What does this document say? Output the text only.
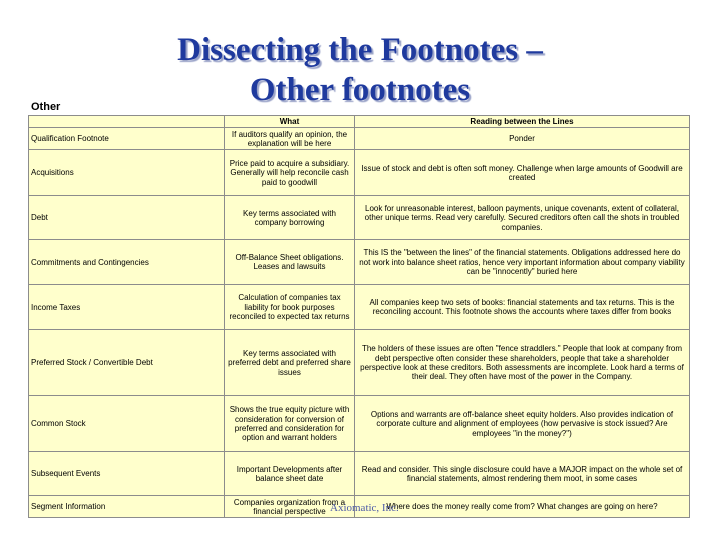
Dissecting the Footnotes –
Other footnotes
Other
	What	Reading between the Lines
Qualification Footnote	If auditors qualify an opinion, the explanation will be here	Ponder
Acquisitions	Price paid to acquire a subsidiary. Generally will help reconcile cash paid to goodwill	Issue of stock and debt is often soft money. Challenge when large amounts of Goodwill are created
Debt	Key terms associated with company borrowing	Look for unreasonable interest, balloon payments, unique covenants, extent of collateral, other unique terms. Read very carefully. Secured creditors often call the shots in troubled companies.
Commitments and Contingencies	Off-Balance Sheet obligations. Leases and lawsuits	This IS the "between the lines" of the financial statements. Obligations addressed here do not work into balance sheet ratios, hence very important information about company viability can be "innocently" buried here
Income Taxes	Calculation of companies tax liability for book purposes reconciled to expected tax returns	All companies keep two sets of books: financial statements and tax returns. This is the reconciling account. This footnote shows the accounts where taxes differ from books
Preferred Stock / Convertible Debt	Key terms associated with preferred debt and preferred share issues	The holders of these issues are often "fence straddlers." People that look at company from debt perspective often consider these shareholders, people that take a shareholder perspective look at these creditors. Both assessments are incomplete. Look hard a terms of their deal. They often have most of the power in the Company.
Common Stock	Shows the true equity picture with consideration for conversion of preferred and consideration for option and warrant holders	Options and warrants are off-balance sheet equity holders. Also provides indication of corporate culture and alignment of employees (how pervasive is stock issued? Are employees "in the money?")
Subsequent Events	Important Developments after balance sheet date	Read and consider. This single disclosure could have a MAJOR impact on the whole set of financial statements, almost rendering them moot, in some cases
Segment Information	Companies organization from a financial perspective	Where does the money really come from? What changes are going on here?
Axiomatic, Inc.
